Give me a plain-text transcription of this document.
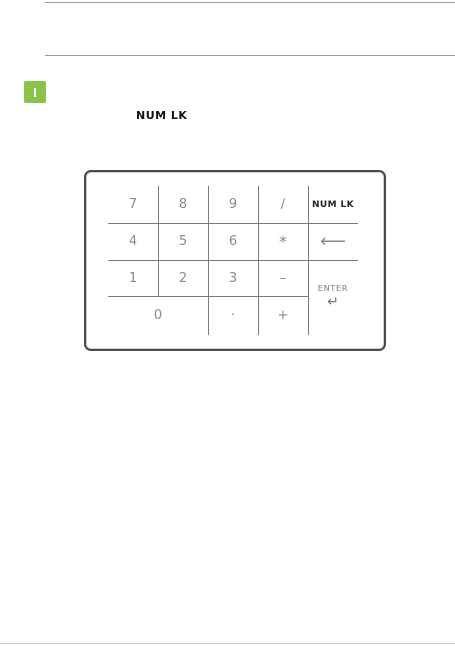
NUM LK
7	8	9	/	NUM LK
4	5	6	*	⟵
1	2	3	–
ENTER
↵
0	·	+
